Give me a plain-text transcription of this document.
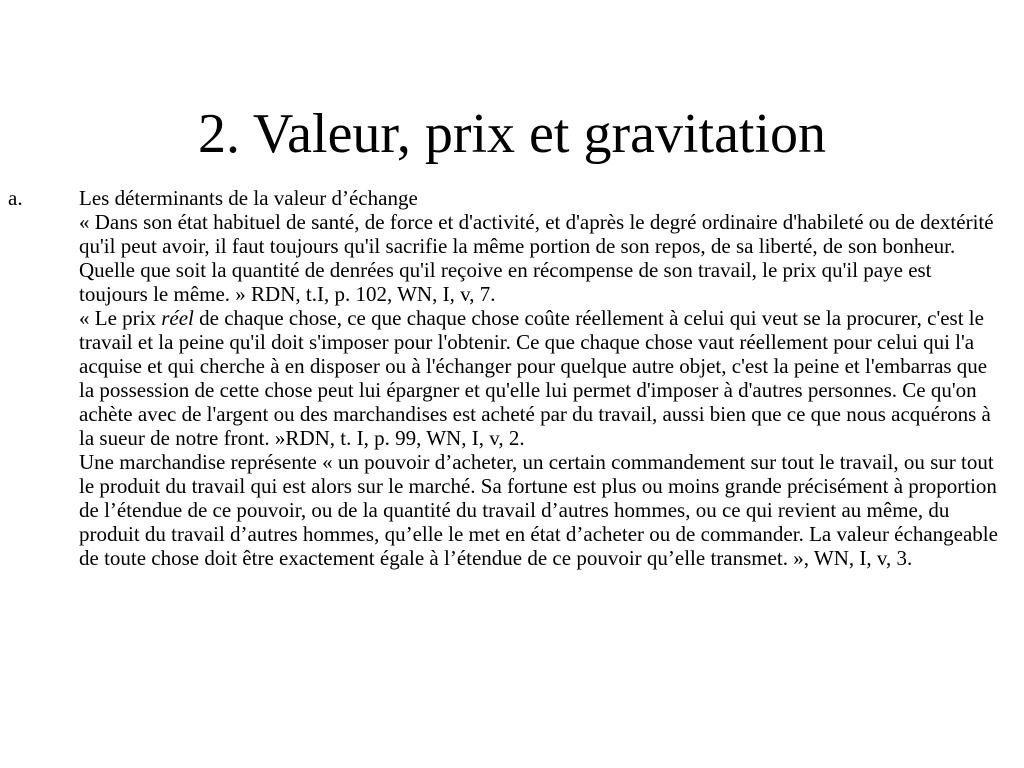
2. Valeur, prix et gravitation
a.	Les déterminants de la valeur d’échange

« Dans son état habituel de santé, de force et d'activité, et d'après le degré ordinaire d'habileté ou de dextérité qu'il peut avoir, il faut toujours qu'il sacrifie la même portion de son repos, de sa liberté, de son bonheur. Quelle que soit la quantité de denrées qu'il reçoive en récompense de son travail, le prix qu'il paye est toujours le même. » RDN, t.I, p. 102, WN, I, v, 7.

« Le prix réel de chaque chose, ce que chaque chose coûte réellement à celui qui veut se la procurer, c'est le travail et la peine qu'il doit s'imposer pour l'obtenir. Ce que chaque chose vaut réellement pour celui qui l'a acquise et qui cherche à en disposer ou à l'échanger pour quelque autre objet, c'est la peine et l'embarras que la possession de cette chose peut lui épargner et qu'elle lui permet d'imposer à d'autres personnes. Ce qu'on achète avec de l'argent ou des marchandises est acheté par du travail, aussi bien que ce que nous acquérons à la sueur de notre front. »RDN, t. I, p. 99, WN, I, v, 2.

Une marchandise représente « un pouvoir d’acheter, un certain commandement sur tout le travail, ou sur tout le produit du travail qui est alors sur le marché. Sa fortune est plus ou moins grande précisément à proportion de l’étendue de ce pouvoir, ou de la quantité du travail d’autres hommes, ou ce qui revient au même, du produit du travail d’autres hommes, qu’elle le met en état d’acheter ou de commander. La valeur échangeable de toute chose doit être exactement égale à l’étendue de ce pouvoir qu’elle transmet. », WN, I, v, 3.
